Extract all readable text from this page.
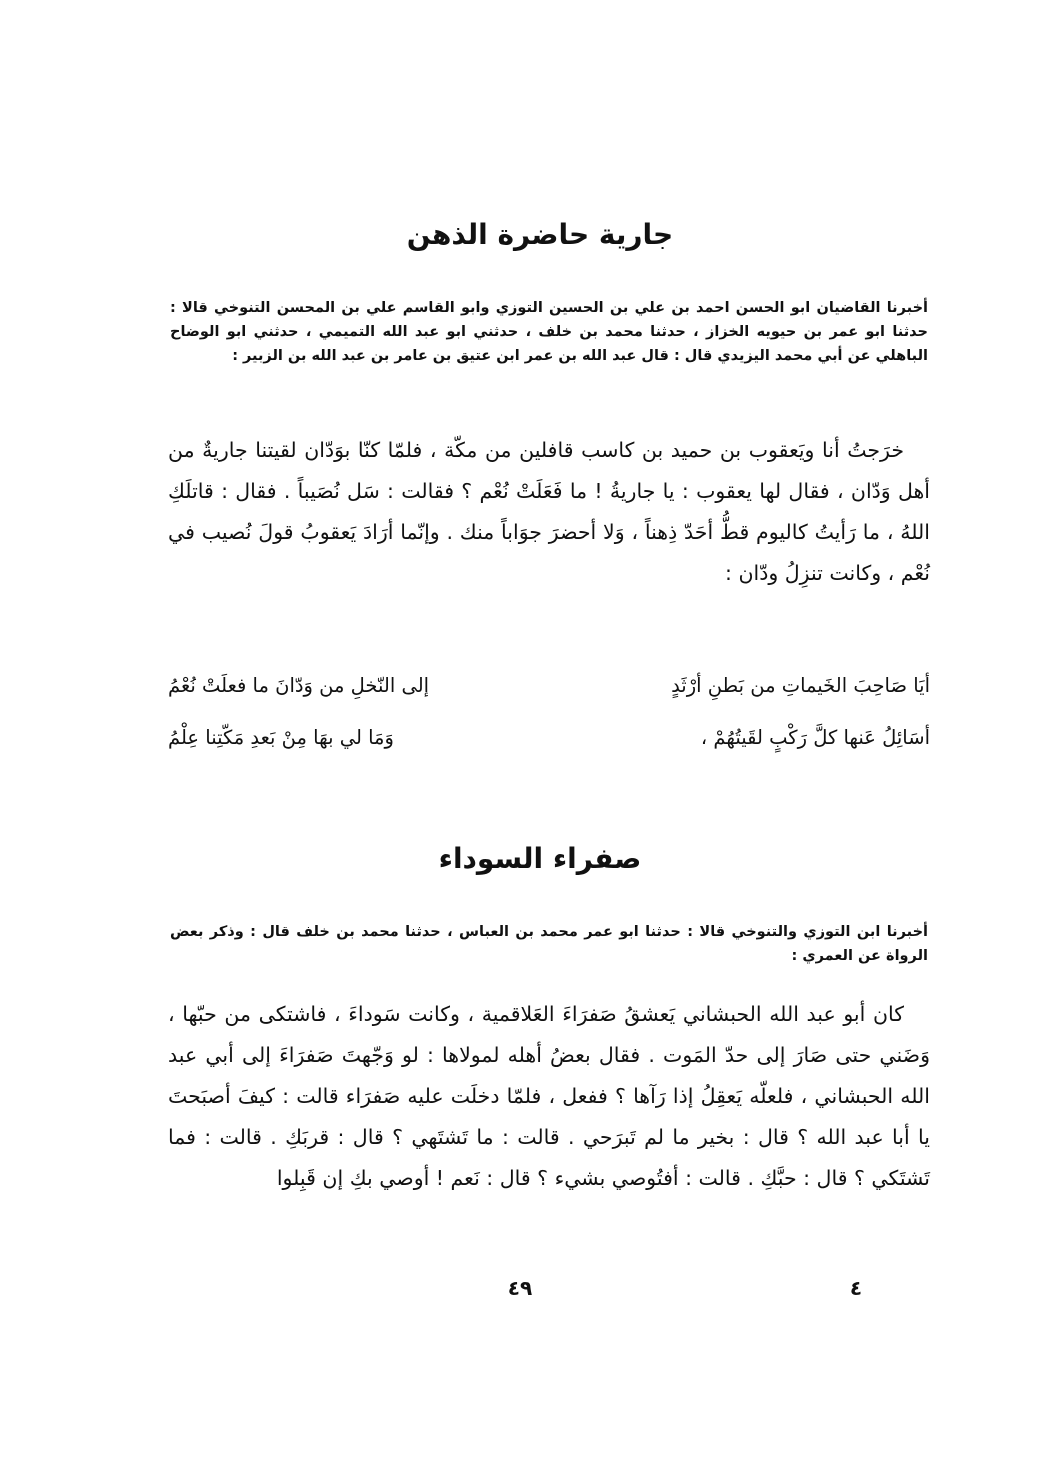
جارية حاضرة الذهن

أخبرنا القاضيان ابو الحسن احمد بن علي بن الحسين التوزي وابو القاسم علي بن المحسن التنوخي قالا : حدثنا ابو عمر بن حيويه الخزاز ، حدثنا محمد بن خلف ، حدثني ابو عبد الله التميمي ، حدثني ابو الوضاح الباهلي عن أبي محمد اليزيدي قال : قال عبد الله بن عمر ابن عتيق بن عامر بن عبد الله بن الزبير :

خرَجتُ أنا ويَعقوب بن حميد بن كاسب قافلين من مكّة ، فلمّا كنّا بوَدّان لقيتنا جاريةٌ من أهل وَدّان ، فقال لها يعقوب : يا جاريةُ ! ما فَعَلَتْ نُعْم ؟ فقالت : سَل نُصَيباً . فقال : قاتلَكِ اللهُ ، ما رَأيتُ كاليوم قطُّ أحَدّ ذِهناً ، وَلا أحضرَ جوَاباً منك . وإنّما أرَادَ يَعقوبُ قولَ نُصيب في نُعْم ، وكانت تنزِلُ ودّان :

أيَا صَاحِبَ الخَيماتِ من بَطنِ أرْثَدٍ
إلى النّخلِ من وَدّانَ ما فعلَتْ نُعْمُ
أسَائِلُ عَنها كلَّ رَكْبٍ لقَيتُهُمْ ،
وَمَا لي بهَا مِنْ بَعدِ مَكّتِنا عِلْمُ
صفراء السوداء

أخبرنا ابن التوزي والتنوخي قالا : حدثنا ابو عمر محمد بن العباس ، حدثنا محمد بن خلف قال : وذكر بعض الرواة عن العمري :

كان أبو عبد الله الحبشاني يَعشقُ صَفرَاءَ العَلاقمية ، وكانت سَوداءَ ، فاشتكى من حبّها ، وَضَني حتى صَارَ إلى حدّ المَوت . فقال بعضُ أهله لمولاها : لو وَجّهتَ صَفرَاءَ إلى أبي عبد الله الحبشاني ، فلعلّه يَعقِلُ إذا رَآها ؟ ففعل ، فلمّا دخلَت عليه صَفرَاء قالت : كيفَ أصبَحتَ يا أبا عبد الله ؟ قال : بخير ما لم تَبرَحي . قالت : ما تَشتَهي ؟ قال : قربَكِ . قالت : فما تَشتَكي ؟ قال : حبَّكِ . قالت : أفتُوصي بشيء ؟ قال : نَعم ! أوصي بكِ إن قَبِلوا

٤٩	٤
